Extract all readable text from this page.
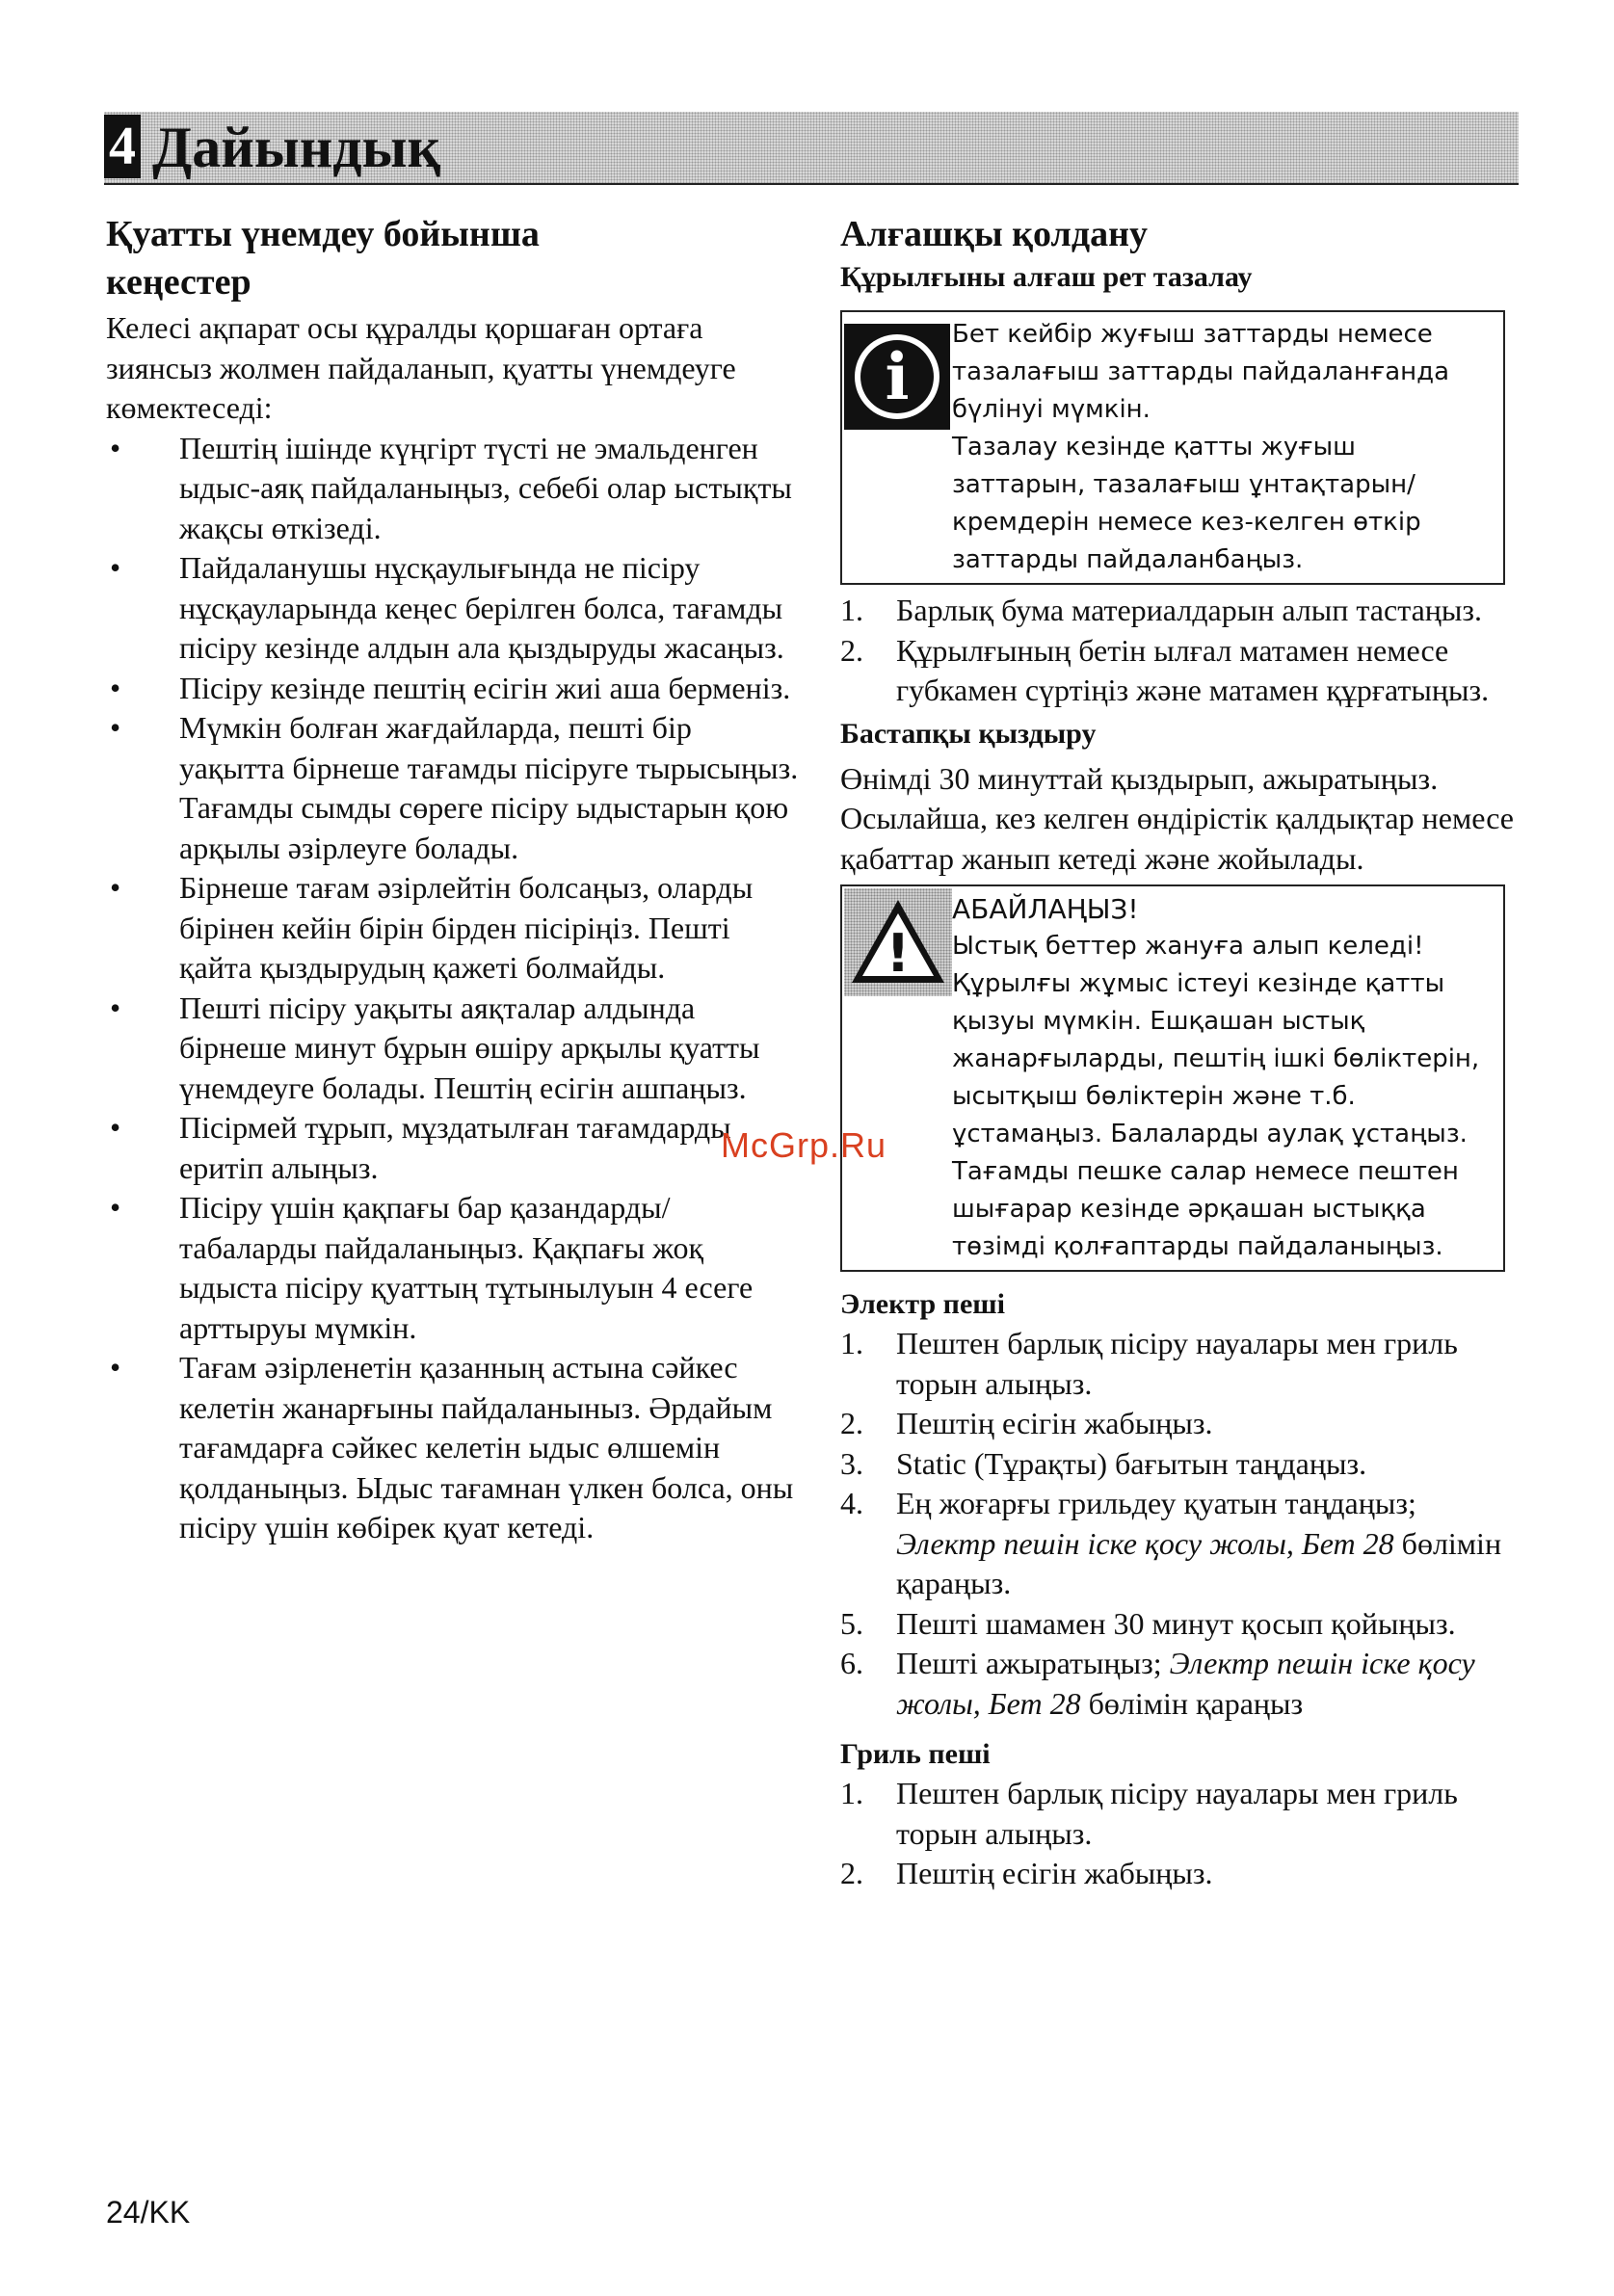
4 Дайындық
Қуатты үнемдеу бойынша кеңестер

Келесі ақпарат осы құралды қоршаған ортаға зиянсыз жолмен пайдаланып, қуатты үнемдеуге көмектеседі:

• Пештің ішінде күңгірт түсті не эмальденген ыдыс-аяқ пайдаланыңыз, себебі олар ыстықты жақсы өткізеді.
• Пайдаланушы нұсқаулығында не пісіру нұсқауларында кеңес берілген болса, тағамды пісіру кезінде алдын ала қыздыруды жасаңыз.
• Пісіру кезінде пештің есігін жиі аша берменіз.
• Мүмкін болған жағдайларда, пешті бір уақытта бірнеше тағамды пісіруге тырысыңыз. Тағамды сымды сөреге пісіру ыдыстарын қою арқылы әзірлеуге болады.
• Бірнеше тағам әзірлейтін болсаңыз, оларды бірінен кейін бірін бірден пісіріңіз. Пешті қайта қыздырудың қажеті болмайды.
• Пешті пісіру уақыты аяқталар алдында бірнеше минут бұрын өшіру арқылы қуатты үнемдеуге болады. Пештің есігін ашпаңыз.
• Пісірмей тұрып, мұздатылған тағамдарды еритіп алыңыз.
• Пісіру үшін қақпағы бар қазандарды/табаларды пайдаланыңыз. Қақпағы жоқ ыдыста пісіру қуаттың тұтынылуын 4 есеге арттыруы мүмкін.
• Тағам әзірленетін қазанның астына сәйкес келетін жанарғыны пайдаланыныз. Әрдайым тағамдарға сәйкес келетін ыдыс өлшемін қолданыңыз. Ыдыс тағамнан үлкен болса, оны пісіру үшін көбірек қуат кетеді.
Алғашқы қолдану
Құрылғыны алғаш рет тазалау
i
Бет кейбір жуғыш заттарды немесе тазалағыш заттарды пайдаланғанда бүлінуі мүмкін.
Тазалау кезінде қатты жуғыш заттарын, тазалағыш ұнтақтарын/кремдерін немесе кез-келген өткір заттарды пайдаланбаңыз.
1. Барлық бума материалдарын алып тастаңыз.
2. Құрылғының бетін ылғал матамен немесе губкамен сүртіңіз және матамен құрғатыңыз.
Бастапқы қыздыру

Өнімді 30 минуттай қыздырып, ажыратыңыз. Осылайша, кез келген өндірістік қалдықтар немесе қабаттар жанып кетеді және жойылады.

!
АБАЙЛАҢЫЗ!
Ыстық беттер жануға алып келеді! Құрылғы жұмыс істеуі кезінде қатты қызуы мүмкін. Ешқашан ыстық жанарғыларды, пештің ішкі бөліктерін, ысытқыш бөліктерін және т.б. ұстамаңыз. Балаларды аулақ ұстаңыз.
Тағамды пешке салар немесе пештен шығарар кезінде әрқашан ыстыққа төзімді қолғаптарды пайдаланыңыз.
Электр пеші
1. Пештен барлық пісіру науалары мен гриль торын алыңыз.
2. Пештің есігін жабыңыз.
3. Static (Тұрақты) бағытын таңдаңыз.
4. Ең жоғарғы грильдеу қуатын таңдаңыз; Электр пешін іске қосу жолы, Бет 28 бөлімін қараңыз.
5. Пешті шамамен 30 минут қосып қойыңыз.
6. Пешті ажыратыңыз; Электр пешін іске қосу жолы, Бет 28 бөлімін қараңыз
Гриль пеші
1. Пештен барлық пісіру науалары мен гриль торын алыңыз.
2. Пештің есігін жабыңыз.
McGrp.Ru
24/KK
